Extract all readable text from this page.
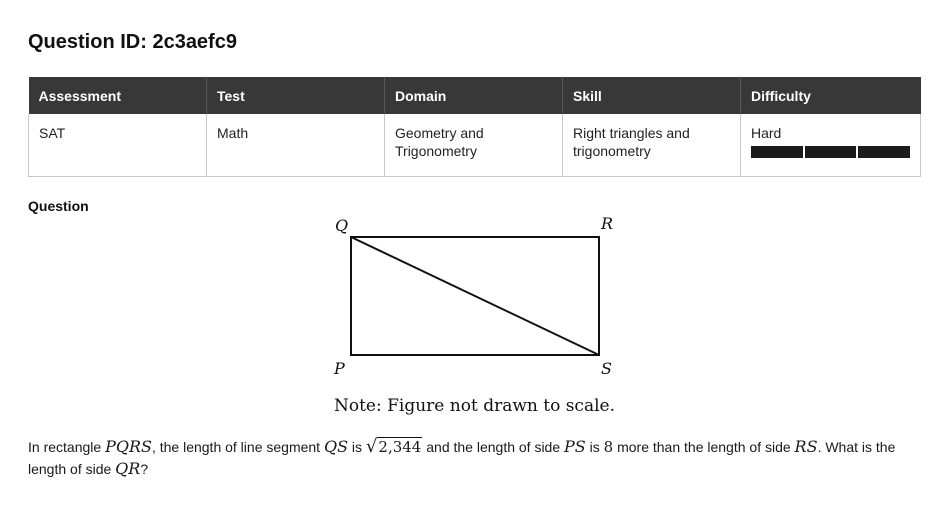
Question ID: 2c3aefc9
Assessment	Test	Domain	Skill	Difficulty
SAT	Math	Geometry and Trigonometry	Right triangles and trigonometry	Hard
Question
Q	R
P	S
Note: Figure not drawn to scale.

In rectangle PQRS, the length of line segment QS is √ 2,344 and the length of side PS is 8 more than the length of side RS. What is the length of side QR?
